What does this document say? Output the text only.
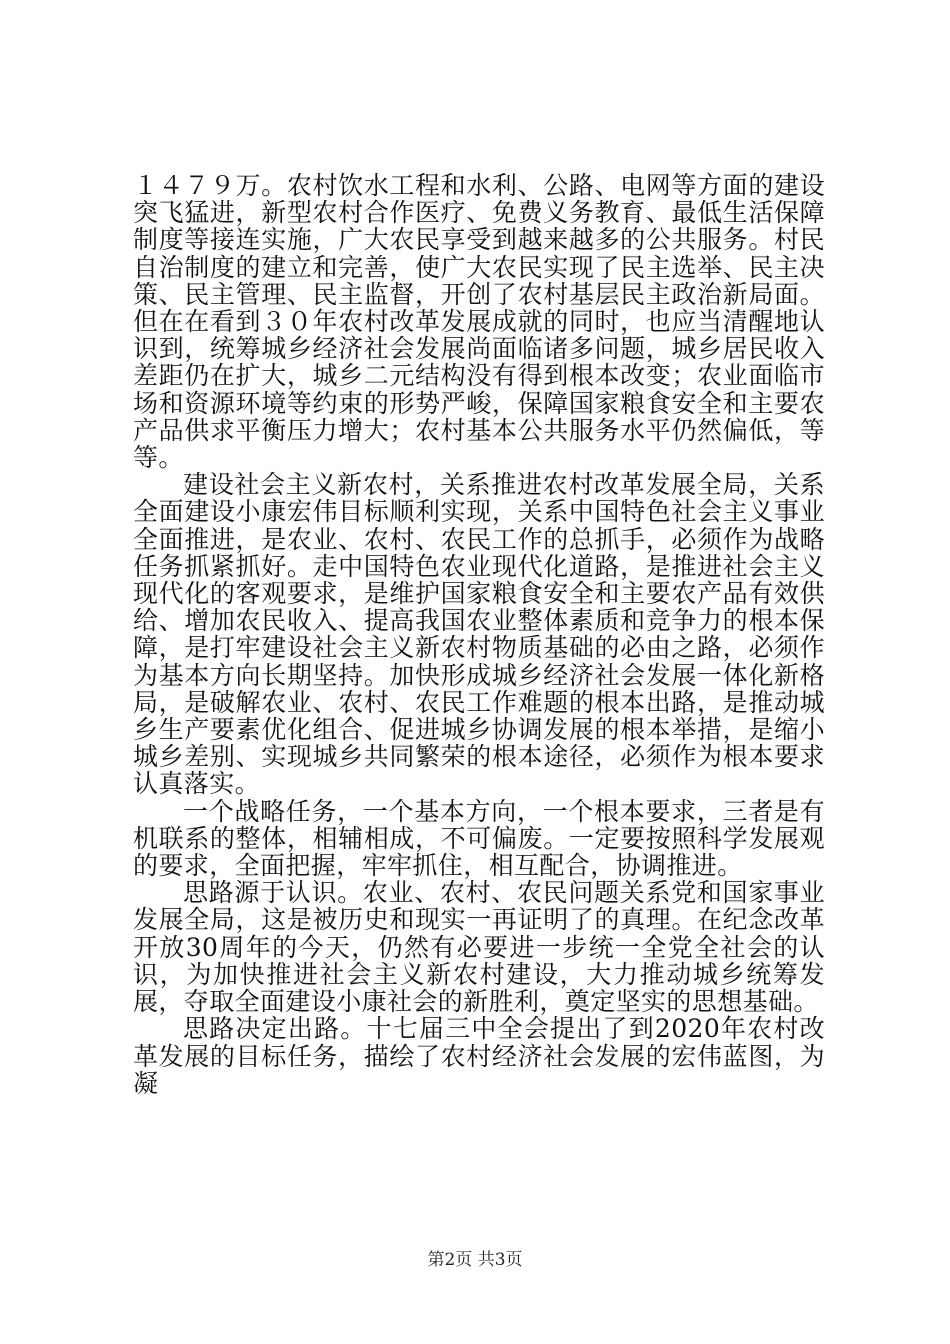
１４７９万。农村饮水工程和水利、公路、电网等方面的建设突飞猛进，新型农村合作医疗、免费义务教育、最低生活保障制度等接连实施，广大农民享受到越来越多的公共服务。村民自治制度的建立和完善，使广大农民实现了民主选举、民主决策、民主管理、民主监督，开创了农村基层民主政治新局面。但在在看到３０年农村改革发展成就的同时，也应当清醒地认识到，统筹城乡经济社会发展尚面临诸多问题，城乡居民收入差距仍在扩大，城乡二元结构没有得到根本改变；农业面临市场和资源环境等约束的形势严峻，保障国家粮食安全和主要农产品供求平衡压力增大；农村基本公共服务水平仍然偏低，等等。

建设社会主义新农村，关系推进农村改革发展全局，关系全面建设小康宏伟目标顺利实现，关系中国特色社会主义事业全面推进，是农业、农村、农民工作的总抓手，必须作为战略任务抓紧抓好。走中国特色农业现代化道路，是推进社会主义现代化的客观要求，是维护国家粮食安全和主要农产品有效供给、增加农民收入、提高我国农业整体素质和竞争力的根本保障，是打牢建设社会主义新农村物质基础的必由之路，必须作为基本方向长期坚持。加快形成城乡经济社会发展一体化新格局，是破解农业、农村、农民工作难题的根本出路，是推动城乡生产要素优化组合、促进城乡协调发展的根本举措，是缩小城乡差别、实现城乡共同繁荣的根本途径，必须作为根本要求认真落实。

一个战略任务，一个基本方向，一个根本要求，三者是有机联系的整体，相辅相成，不可偏废。一定要按照科学发展观的要求，全面把握，牢牢抓住，相互配合，协调推进。

思路源于认识。农业、农村、农民问题关系党和国家事业发展全局，这是被历史和现实一再证明了的真理。在纪念改革开放30周年的今天，仍然有必要进一步统一全党全社会的认识，为加快推进社会主义新农村建设，大力推动城乡统筹发展，夺取全面建设小康社会的新胜利，奠定坚实的思想基础。

思路决定出路。十七届三中全会提出了到2020年农村改革发展的目标任务，描绘了农村经济社会发展的宏伟蓝图，为凝

第2页 共3页
